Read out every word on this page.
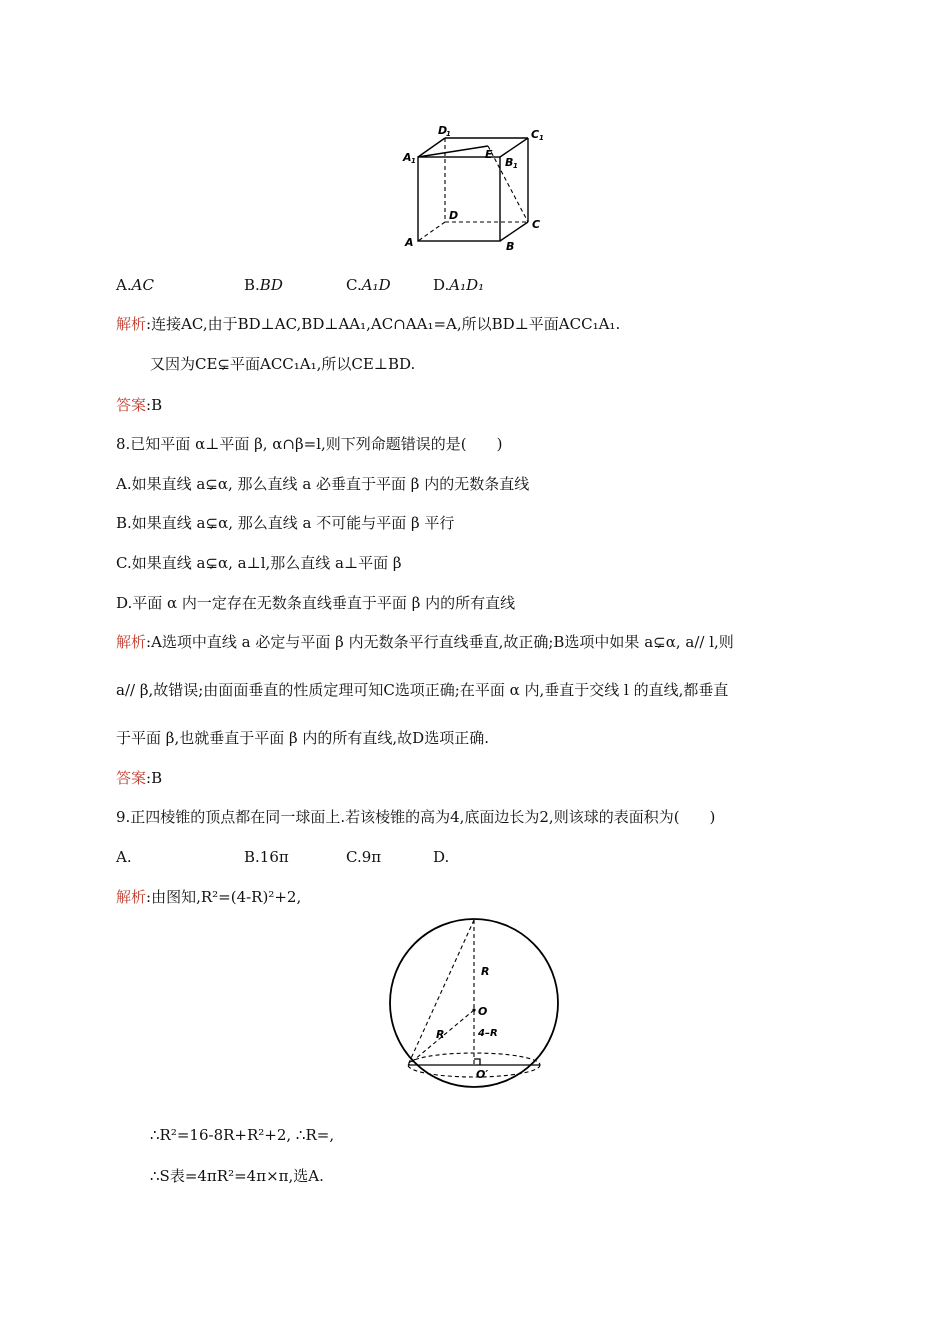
D	C
A	E
B
D
C
A	B
1	1
1
1
A.AC	B.BD	C.A₁D	D.A₁D₁
解析:连接AC,由于BD⊥AC,BD⊥AA₁,AC∩AA₁=A,所以BD⊥平面ACC₁A₁.
又因为CE⊊平面ACC₁A₁,所以CE⊥BD.
答案:B
8.已知平面 α⊥平面 β, α∩β=l,则下列命题错误的是(　　)
A.如果直线 a⊊α, 那么直线 a 必垂直于平面 β 内的无数条直线
B.如果直线 a⊊α, 那么直线 a 不可能与平面 β 平行
C.如果直线 a⊊α, a⊥l,那么直线 a⊥平面 β
D.平面 α 内一定存在无数条直线垂直于平面 β 内的所有直线
解析:A选项中直线 a 必定与平面 β 内无数条平行直线垂直,故正确;B选项中如果 a⊊α, a// l,则
a// β,故错误;由面面垂直的性质定理可知C选项正确;在平面 α 内,垂直于交线 l 的直线,都垂直
于平面 β,也就垂直于平面 β 内的所有直线,故D选项正确.
答案:B
9.正四棱锥的顶点都在同一球面上.若该棱锥的高为4,底面边长为2,则该球的表面积为(　　)
A.	B.16π	C.9π	D.
解析:由图知,R²=(4-R)²+2,
R
O
R	4–R
O′
∴R²=16-8R+R²+2, ∴R=,
∴S表=4πR²=4π×π,选A.
